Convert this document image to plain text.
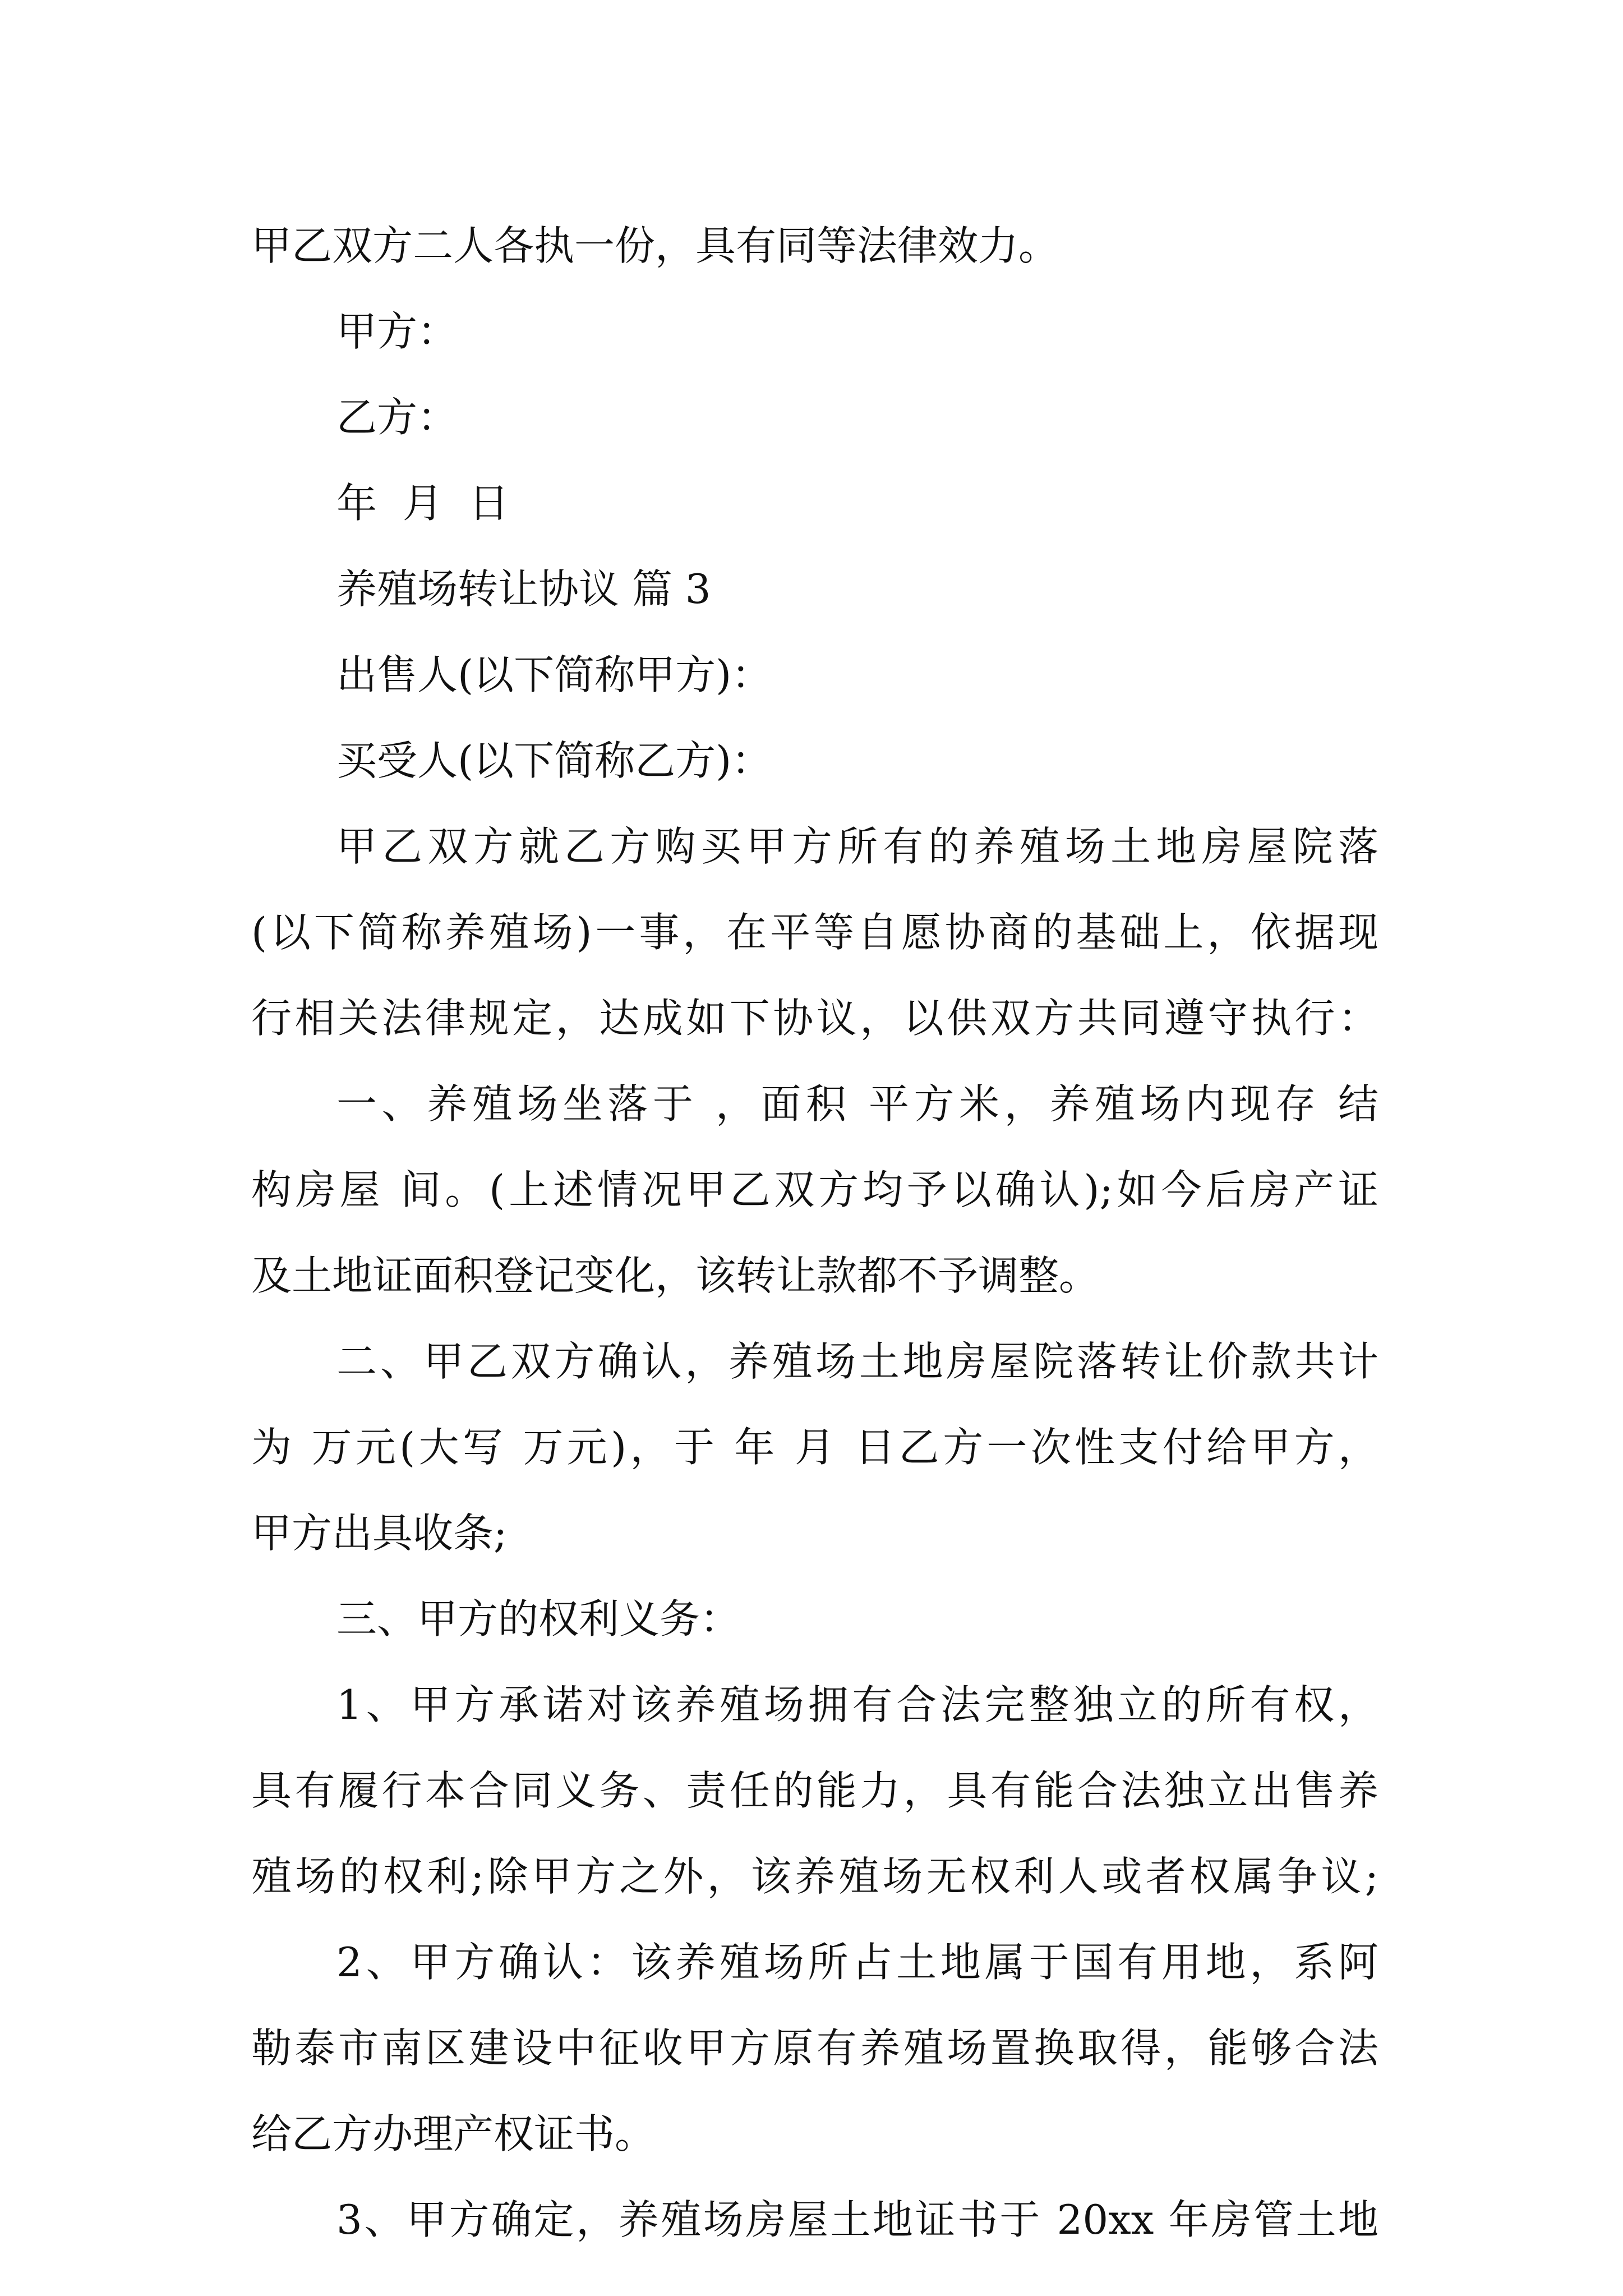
甲乙双方二人各执一份，具有同等法律效力。
甲方：
乙方：
年  月  日
养殖场转让协议 篇 3
出售人(以下简称甲方)：
买受人(以下简称乙方)：
甲乙双方就乙方购买甲方所有的养殖场土地房屋院落
(以下简称养殖场)一事，在平等自愿协商的基础上，依据现
行相关法律规定，达成如下协议，以供双方共同遵守执行：
一、养殖场坐落于 ，面积 平方米，养殖场内现存 结
构房屋 间。(上述情况甲乙双方均予以确认);如今后房产证
及土地证面积登记变化，该转让款都不予调整。
二、甲乙双方确认，养殖场土地房屋院落转让价款共计
为 万元(大写 万元)，于 年 月 日乙方一次性支付给甲方，
甲方出具收条;
三、甲方的权利义务：
1、甲方承诺对该养殖场拥有合法完整独立的所有权，
具有履行本合同义务、责任的能力，具有能合法独立出售养
殖场的权利;除甲方之外，该养殖场无权利人或者权属争议;
2、甲方确认：该养殖场所占土地属于国有用地，系阿
勒泰市南区建设中征收甲方原有养殖场置换取得，能够合法
给乙方办理产权证书。
3、甲方确定，养殖场房屋土地证书于 20xx 年房管土地
